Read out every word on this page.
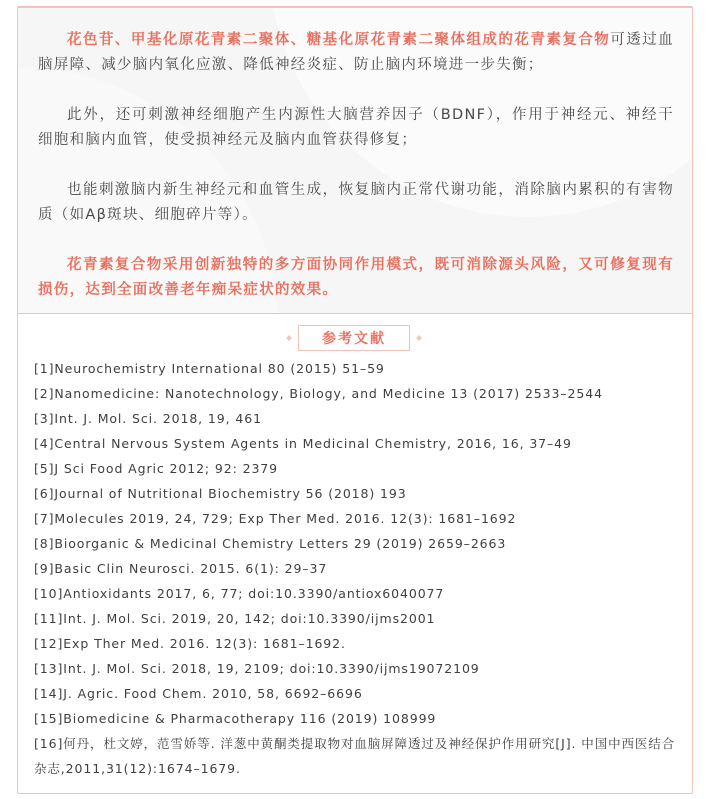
花色苷、甲基化原花青素二聚体、糖基化原花青素二聚体组成的花青素复合物可透过血脑屏障、减少脑内氧化应激、降低神经炎症、防止脑内环境进一步失衡；

此外，还可刺激神经细胞产生内源性大脑营养因子（BDNF），作用于神经元、神经干细胞和脑内血管，使受损神经元及脑内血管获得修复；

也能刺激脑内新生神经元和血管生成，恢复脑内正常代谢功能，消除脑内累积的有害物质（如Aβ斑块、细胞碎片等）。

花青素复合物采用创新独特的多方面协同作用模式，既可消除源头风险，又可修复现有损伤，达到全面改善老年痴呆症状的效果。

参考文献
[1]Neurochemistry International 80 (2015) 51–59
[2]Nanomedicine: Nanotechnology, Biology, and Medicine 13 (2017) 2533–2544
[3]Int. J. Mol. Sci. 2018, 19, 461
[4]Central Nervous System Agents in Medicinal Chemistry, 2016, 16, 37–49
[5]J Sci Food Agric 2012; 92: 2379
[6]Journal of Nutritional Biochemistry 56 (2018) 193
[7]Molecules 2019, 24, 729; Exp Ther Med. 2016. 12(3): 1681–1692
[8]Bioorganic & Medicinal Chemistry Letters 29 (2019) 2659–2663
[9]Basic Clin Neurosci. 2015. 6(1): 29–37
[10]Antioxidants 2017, 6, 77; doi:10.3390/antiox6040077
[11]Int. J. Mol. Sci. 2019, 20, 142; doi:10.3390/ijms2001
[12]Exp Ther Med. 2016. 12(3): 1681–1692.
[13]Int. J. Mol. Sci. 2018, 19, 2109; doi:10.3390/ijms19072109
[14]J. Agric. Food Chem. 2010, 58, 6692–6696
[15]Biomedicine & Pharmacotherapy 116 (2019) 108999
[16]何丹，杜文婷，范雪娇等. 洋葱中黄酮类提取物对血脑屏障透过及神经保护作用研究[J]. 中国中西医结合杂志,2011,31(12):1674–1679.
